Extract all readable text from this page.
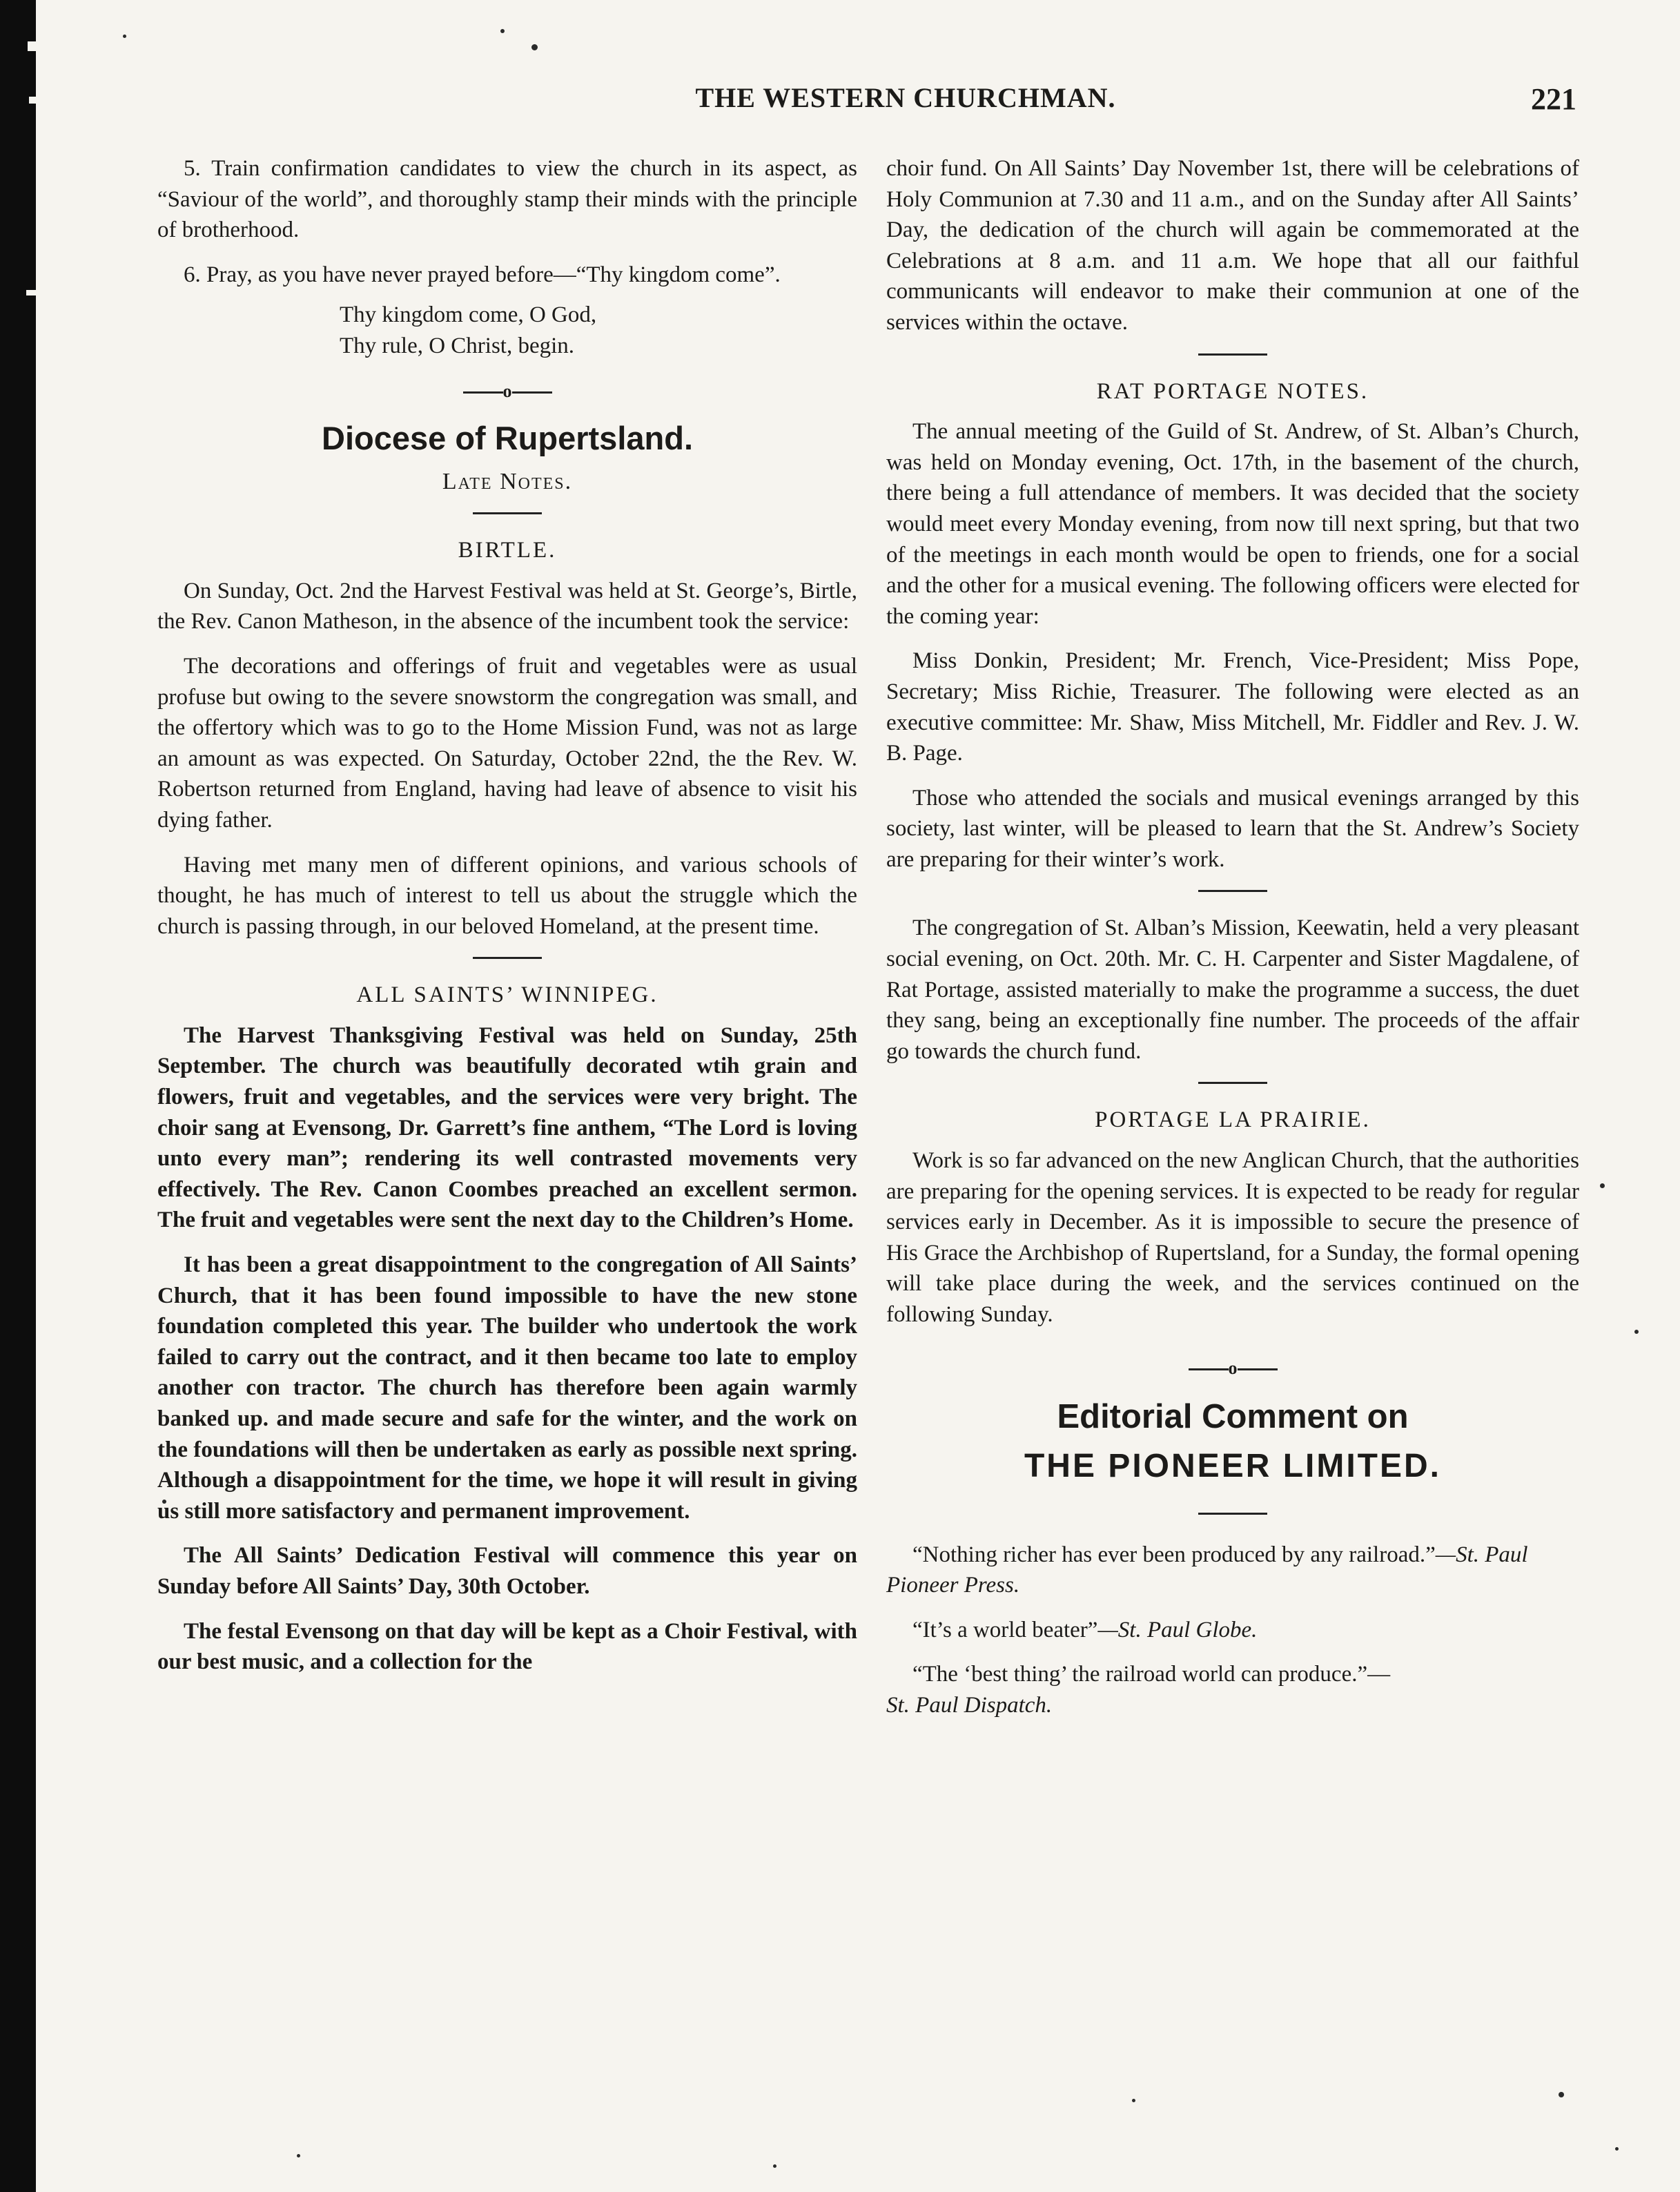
THE WESTERN CHURCHMAN.	221

5. Train confirmation candidates to view the church in its aspect, as “Saviour of the world”, and thoroughly stamp their minds with the principle of brotherhood.

6. Pray, as you have never prayed before—“Thy kingdom come”.

Thy kingdom come, O God,
Thy rule, O Christ, begin.
o
Diocese of Rupertsland.
Late Notes.
BIRTLE.

On Sunday, Oct. 2nd the Harvest Festival was held at St. George’s, Birtle, the Rev. Canon Matheson, in the absence of the incumbent took the service:

The decorations and offerings of fruit and vegetables were as usual profuse but owing to the severe snowstorm the congregation was small, and the offertory which was to go to the Home Mission Fund, was not as large an amount as was expected. On Saturday, October 22nd, the the Rev. W. Robertson returned from England, having had leave of absence to visit his dying father.

Having met many men of different opinions, and various schools of thought, he has much of interest to tell us about the struggle which the church is passing through, in our beloved Homeland, at the present time.

ALL SAINTS’ WINNIPEG.

The Harvest Thanksgiving Festival was held on Sunday, 25th September. The church was beautifully decorated wtih grain and flowers, fruit and vegetables, and the services were very bright. The choir sang at Evensong, Dr. Garrett’s fine anthem, “The Lord is loving unto every man”; rendering its well contrasted movements very effectively. The Rev. Canon Coombes preached an excellent sermon. The fruit and vegetables were sent the next day to the Children’s Home.

It has been a great disappointment to the congregation of All Saints’ Church, that it has been found impossible to have the new stone foundation completed this year. The builder who undertook the work failed to carry out the contract, and it then became too late to employ another con tractor. The church has therefore been again warmly banked up. and made secure and safe for the winter, and the work on the foundations will then be undertaken as early as possible next spring. Although a disappointment for the time, we hope it will result in giving us still more satisfactory and permanent improvement.

The All Saints’ Dedication Festival will commence this year on Sunday before All Saints’ Day, 30th October.

The festal Evensong on that day will be kept as a Choir Festival, with our best music, and a collection for the

choir fund. On All Saints’ Day November 1st, there will be celebrations of Holy Communion at 7.30 and 11 a.m., and on the Sunday after All Saints’ Day, the dedication of the church will again be commemorated at the Celebrations at 8 a.m. and 11 a.m. We hope that all our faithful communicants will endeavor to make their communion at one of the services within the octave.

RAT PORTAGE NOTES.

The annual meeting of the Guild of St. Andrew, of St. Alban’s Church, was held on Monday evening, Oct. 17th, in the basement of the church, there being a full attendance of members. It was decided that the society would meet every Monday evening, from now till next spring, but that two of the meetings in each month would be open to friends, one for a social and the other for a musical evening. The following officers were elected for the coming year:

Miss Donkin, President; Mr. French, Vice-President; Miss Pope, Secretary; Miss Richie, Treasurer. The following were elected as an executive committee: Mr. Shaw, Miss Mitchell, Mr. Fiddler and Rev. J. W. B. Page.

Those who attended the socials and musical evenings arranged by this society, last winter, will be pleased to learn that the St. Andrew’s Society are preparing for their winter’s work.

The congregation of St. Alban’s Mission, Keewatin, held a very pleasant social evening, on Oct. 20th. Mr. C. H. Carpenter and Sister Magdalene, of Rat Portage, assisted materially to make the programme a success, the duet they sang, being an exceptionally fine number. The proceeds of the affair go towards the church fund.

PORTAGE LA PRAIRIE.

Work is so far advanced on the new Anglican Church, that the authorities are preparing for the opening services. It is expected to be ready for regular services early in December. As it is impossible to secure the presence of His Grace the Archbishop of Rupertsland, for a Sunday, the formal opening will take place during the week, and the services continued on the following Sunday.

o
Editorial Comment on
THE PIONEER LIMITED.

“Nothing richer has ever been produced by any railroad.”—St. Paul Pioneer Press.

“It’s a world beater”—St. Paul Globe.

“The ‘best thing’ the railroad world can produce.”—
St. Paul Dispatch.
